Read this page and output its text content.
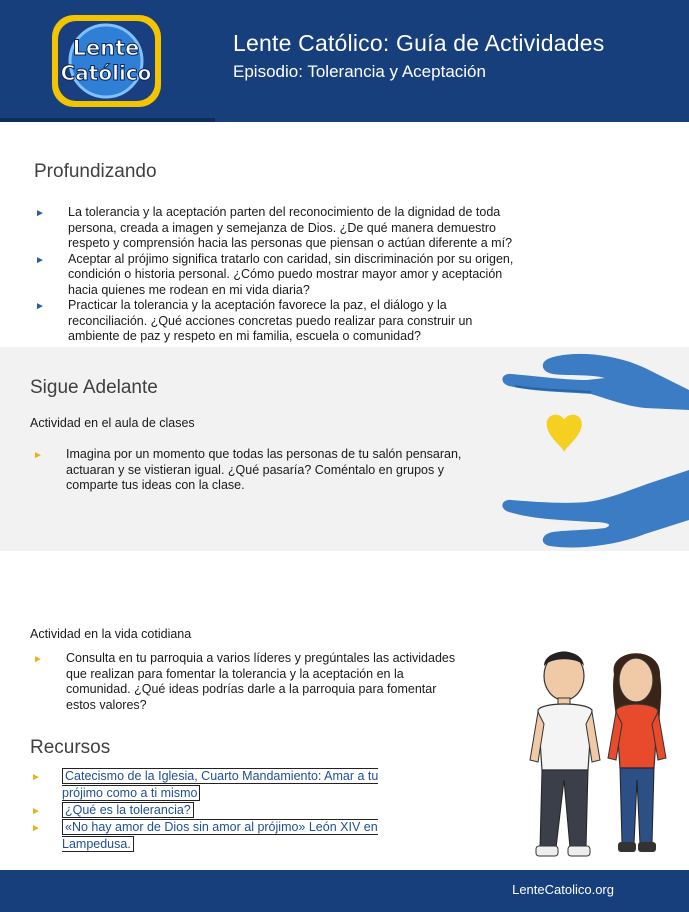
Lente
Católico
Lente Católico: Guía de Actividades
Episodio: Tolerancia y Aceptación
Profundizando
► La tolerancia y la aceptación parten del reconocimiento de la dignidad de toda persona, creada a imagen y semejanza de Dios. ¿De qué manera demuestro respeto y comprensión hacia las personas que piensan o actúan diferente a mí?
► Aceptar al prójimo significa tratarlo con caridad, sin discriminación por su origen, condición o historia personal. ¿Cómo puedo mostrar mayor amor y aceptación hacia quienes me rodean en mi vida diaria?
► Practicar la tolerancia y la aceptación favorece la paz, el diálogo y la reconciliación. ¿Qué acciones concretas puedo realizar para construir un ambiente de paz y respeto en mi familia, escuela o comunidad?
Sigue Adelante
Actividad en el aula de clases
► Imagina por un momento que todas las personas de tu salón pensaran, actuaran y se vistieran igual. ¿Qué pasaría? Coméntalo en grupos y comparte tus ideas con la clase.
Actividad en la vida cotidiana
► Consulta en tu parroquia a varios líderes y pregúntales las actividades que realizan para fomentar la tolerancia y la aceptación en la comunidad. ¿Qué ideas podrías darle a la parroquia para fomentar estos valores?
Recursos
► Catecismo de la Iglesia, Cuarto Mandamiento: Amar a tu prójimo como a ti mismo
► ¿Qué es la tolerancia?
► «No hay amor de Dios sin amor al prójimo» León XIV en Lampedusa.
LenteCatolico.org
